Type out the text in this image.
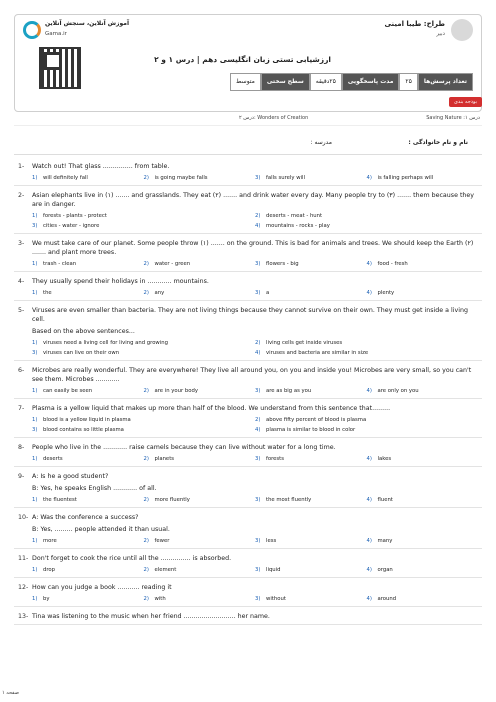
طراح: طیبا امینی
دبیر
آموزش آنلاین، سنجش آنلاین
Gama.ir
ارزشیابی تستی زبان انگلیسی دهم | درس ۱ و ۲
تعداد پرسش‌ها
۲۵
مدت پاسخگویی
۲۵دقیقه
سطح سختی
متوسط
بودجه بندی
درس ۱: Saving Nature
درس ۲: Wonders of Creation
نام و نام خانوادگی :
مدرسه :
1-	Watch out! That glass ............... from table.
1)	will definitely fall	2)	is going maybe falls	3)	falls surely will	4)	is falling perhaps will
2-	Asian elephants live in (۱) ....... and grasslands. They eat (۲) ....... and drink water every day. Many people try to (۳) ....... them because they are in danger.
1)	forests - plants - protect	2)	deserts - meat - hunt
3)	cities - water - ignore	4)	mountains - rocks - play
3-	We must take care of our planet. Some people throw (۱) ....... on the ground. This is bad for animals and trees. We should keep the Earth (۲) ....... and plant more trees.
1)	trash - clean	2)	water - green	3)	flowers - big	4)	food - fresh
4-	They usually spend their holidays in ............ mountains.
1)	the	2)	any	3)	a	4)	plenty
5-	Viruses are even smaller than bacteria. They are not living things because they cannot survive on their own. They must get inside a living cell.
Based on the above sentences...
1)	viruses need a living cell for living and growing	2)	living cells get inside viruses
3)	viruses can live on their own	4)	viruses and bacteria are similar in size
6-	Microbes are really wonderful. They are everywhere! They live all around you, on you and inside you! Microbes are very small, so you can't see them. Microbes ............
1)	can easily be seen	2)	are in your body	3)	are as big as you	4)	are only on you
7-	Plasma is a yellow liquid that makes up more than half of the blood. We understand from this sentence that.........
1)	blood is a yellow liquid in plasma	2)	above fifty percent of blood is plasma
3)	blood contains so little plasma	4)	plasma is similar to blood in color
8-	People who live in the ............ raise camels because they can live without water for a long time.
1)	deserts	2)	planets	3)	forests	4)	lakes
9-	A: Is he a good student?
B: Yes, he speaks English ............ of all.
1)	the fluentest	2)	more fluently	3)	the most fluently	4)	fluent
10- A: Was the conference a success?
B: Yes, ......... people attended it than usual.
1)	more	2)	fewer	3)	less	4)	many
11- Don't forget to cook the rice until all the ............... is absorbed.
1)	drop	2)	element	3)	liquid	4)	organ
12- How can you judge a book ........... reading it
1)	by	2)	with	3)	without	4)	around
13- Tina was listening to the music when her friend .......................... her name.
صفحه ۱
